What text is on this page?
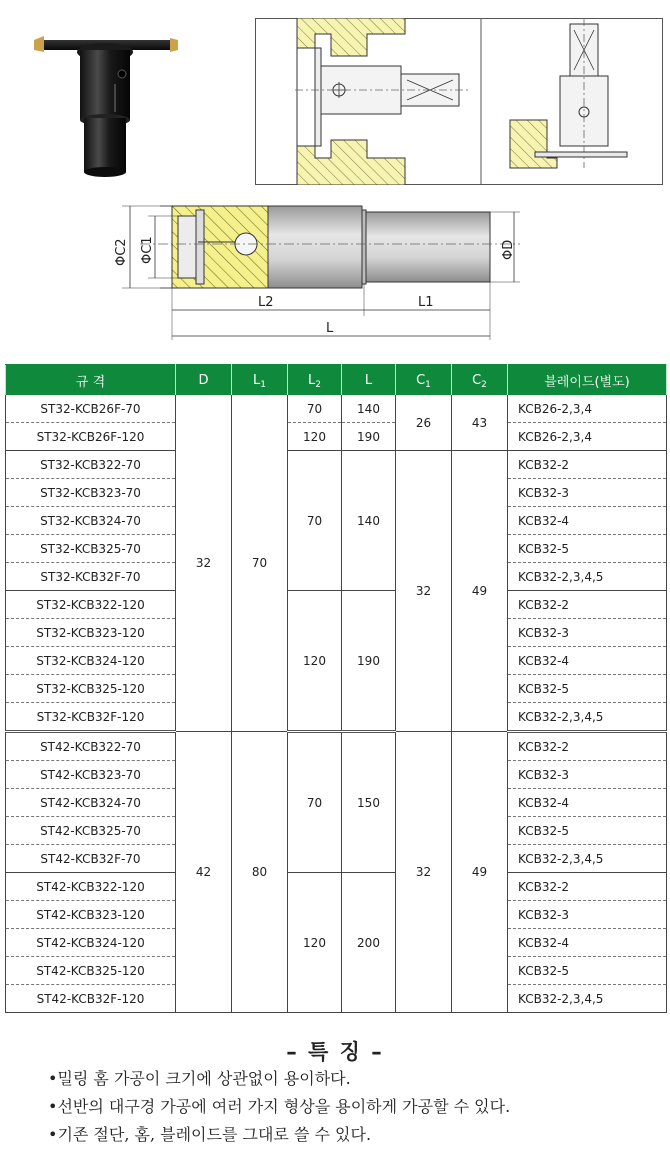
ΦC2 ΦC1	ΦD
L2	L1
L
규 격	D	$L_1$	$L_2$	L	$C_1$	$C_2$	블레이드(별도)
ST32-KCB26F-70	32	70	70	140	26	43	KCB26-2,3,4
ST32-KCB26F-120			120	190			KCB26-2,3,4
ST32-KCB322-70			70	140	32	49	KCB32-2
ST32-KCB323-70							KCB32-3
ST32-KCB324-70							KCB32-4
ST32-KCB325-70							KCB32-5
ST32-KCB32F-70							KCB32-2,3,4,5
ST32-KCB322-120			120	190			KCB32-2
ST32-KCB323-120							KCB32-3
ST32-KCB324-120							KCB32-4
ST32-KCB325-120							KCB32-5
ST32-KCB32F-120							KCB32-2,3,4,5
ST42-KCB322-70	42	80	70	150	32	49	KCB32-2
ST42-KCB323-70							KCB32-3
ST42-KCB324-70							KCB32-4
ST42-KCB325-70							KCB32-5
ST42-KCB32F-70							KCB32-2,3,4,5
ST42-KCB322-120			120	200			KCB32-2
ST42-KCB323-120							KCB32-3
ST42-KCB324-120							KCB32-4
ST42-KCB325-120							KCB32-5
ST42-KCB32F-120							KCB32-2,3,4,5
– 특 징 –
•밀링 홈 가공이 크기에 상관없이 용이하다.
•선반의 대구경 가공에 여러 가지 형상을 용이하게 가공할 수 있다.
•기존 절단, 홈, 블레이드를 그대로 쓸 수 있다.
